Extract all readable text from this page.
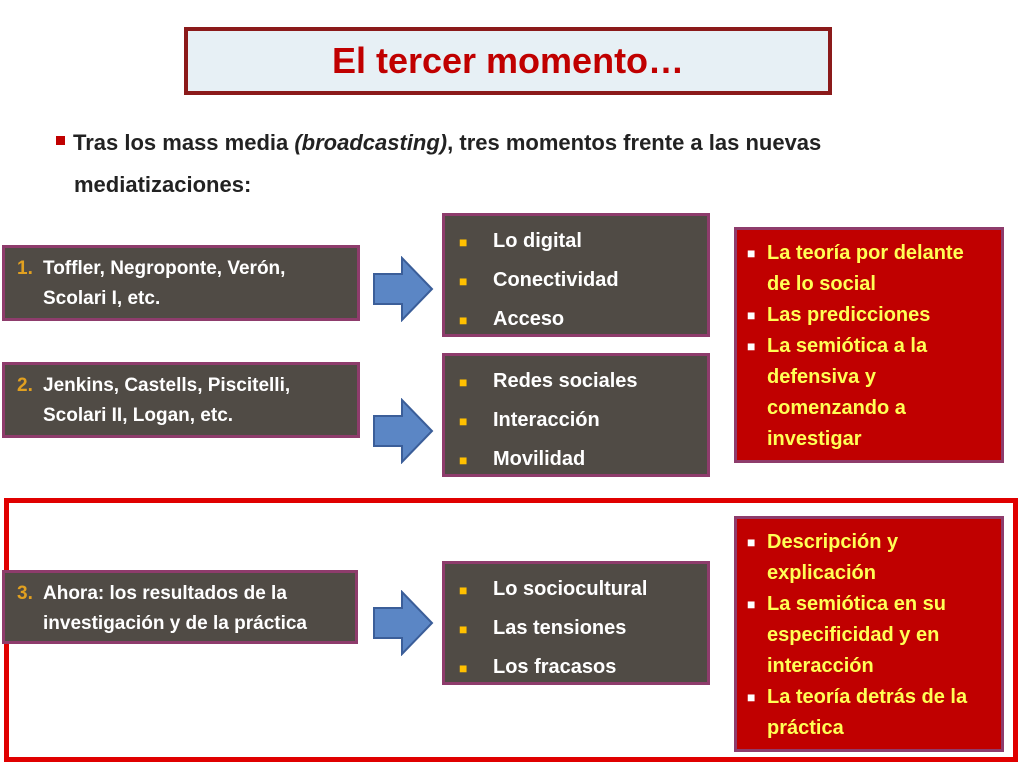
El tercer momento…
Tras los mass media (broadcasting), tres momentos frente a las nuevas
mediatizaciones:
1. Toffler, Negroponte, Verón,
Scolari I, etc.
2. Jenkins, Castells, Piscitelli,
Scolari II, Logan, etc.
3. Ahora: los resultados de la
investigación y de la práctica
■	Lo digital
■	Conectividad
■	Acceso
■	Redes sociales
■	Interacción
■	Movilidad
■	Lo sociocultural
■	Las tensiones
■	Los fracasos
■ La teoría por delante
de lo social
■ Las predicciones
■ La semiótica a la
defensiva y
comenzando a
investigar
■ Descripción y
explicación
■ La semiótica en su
especificidad y en
interacción
■ La teoría detrás de la
práctica
